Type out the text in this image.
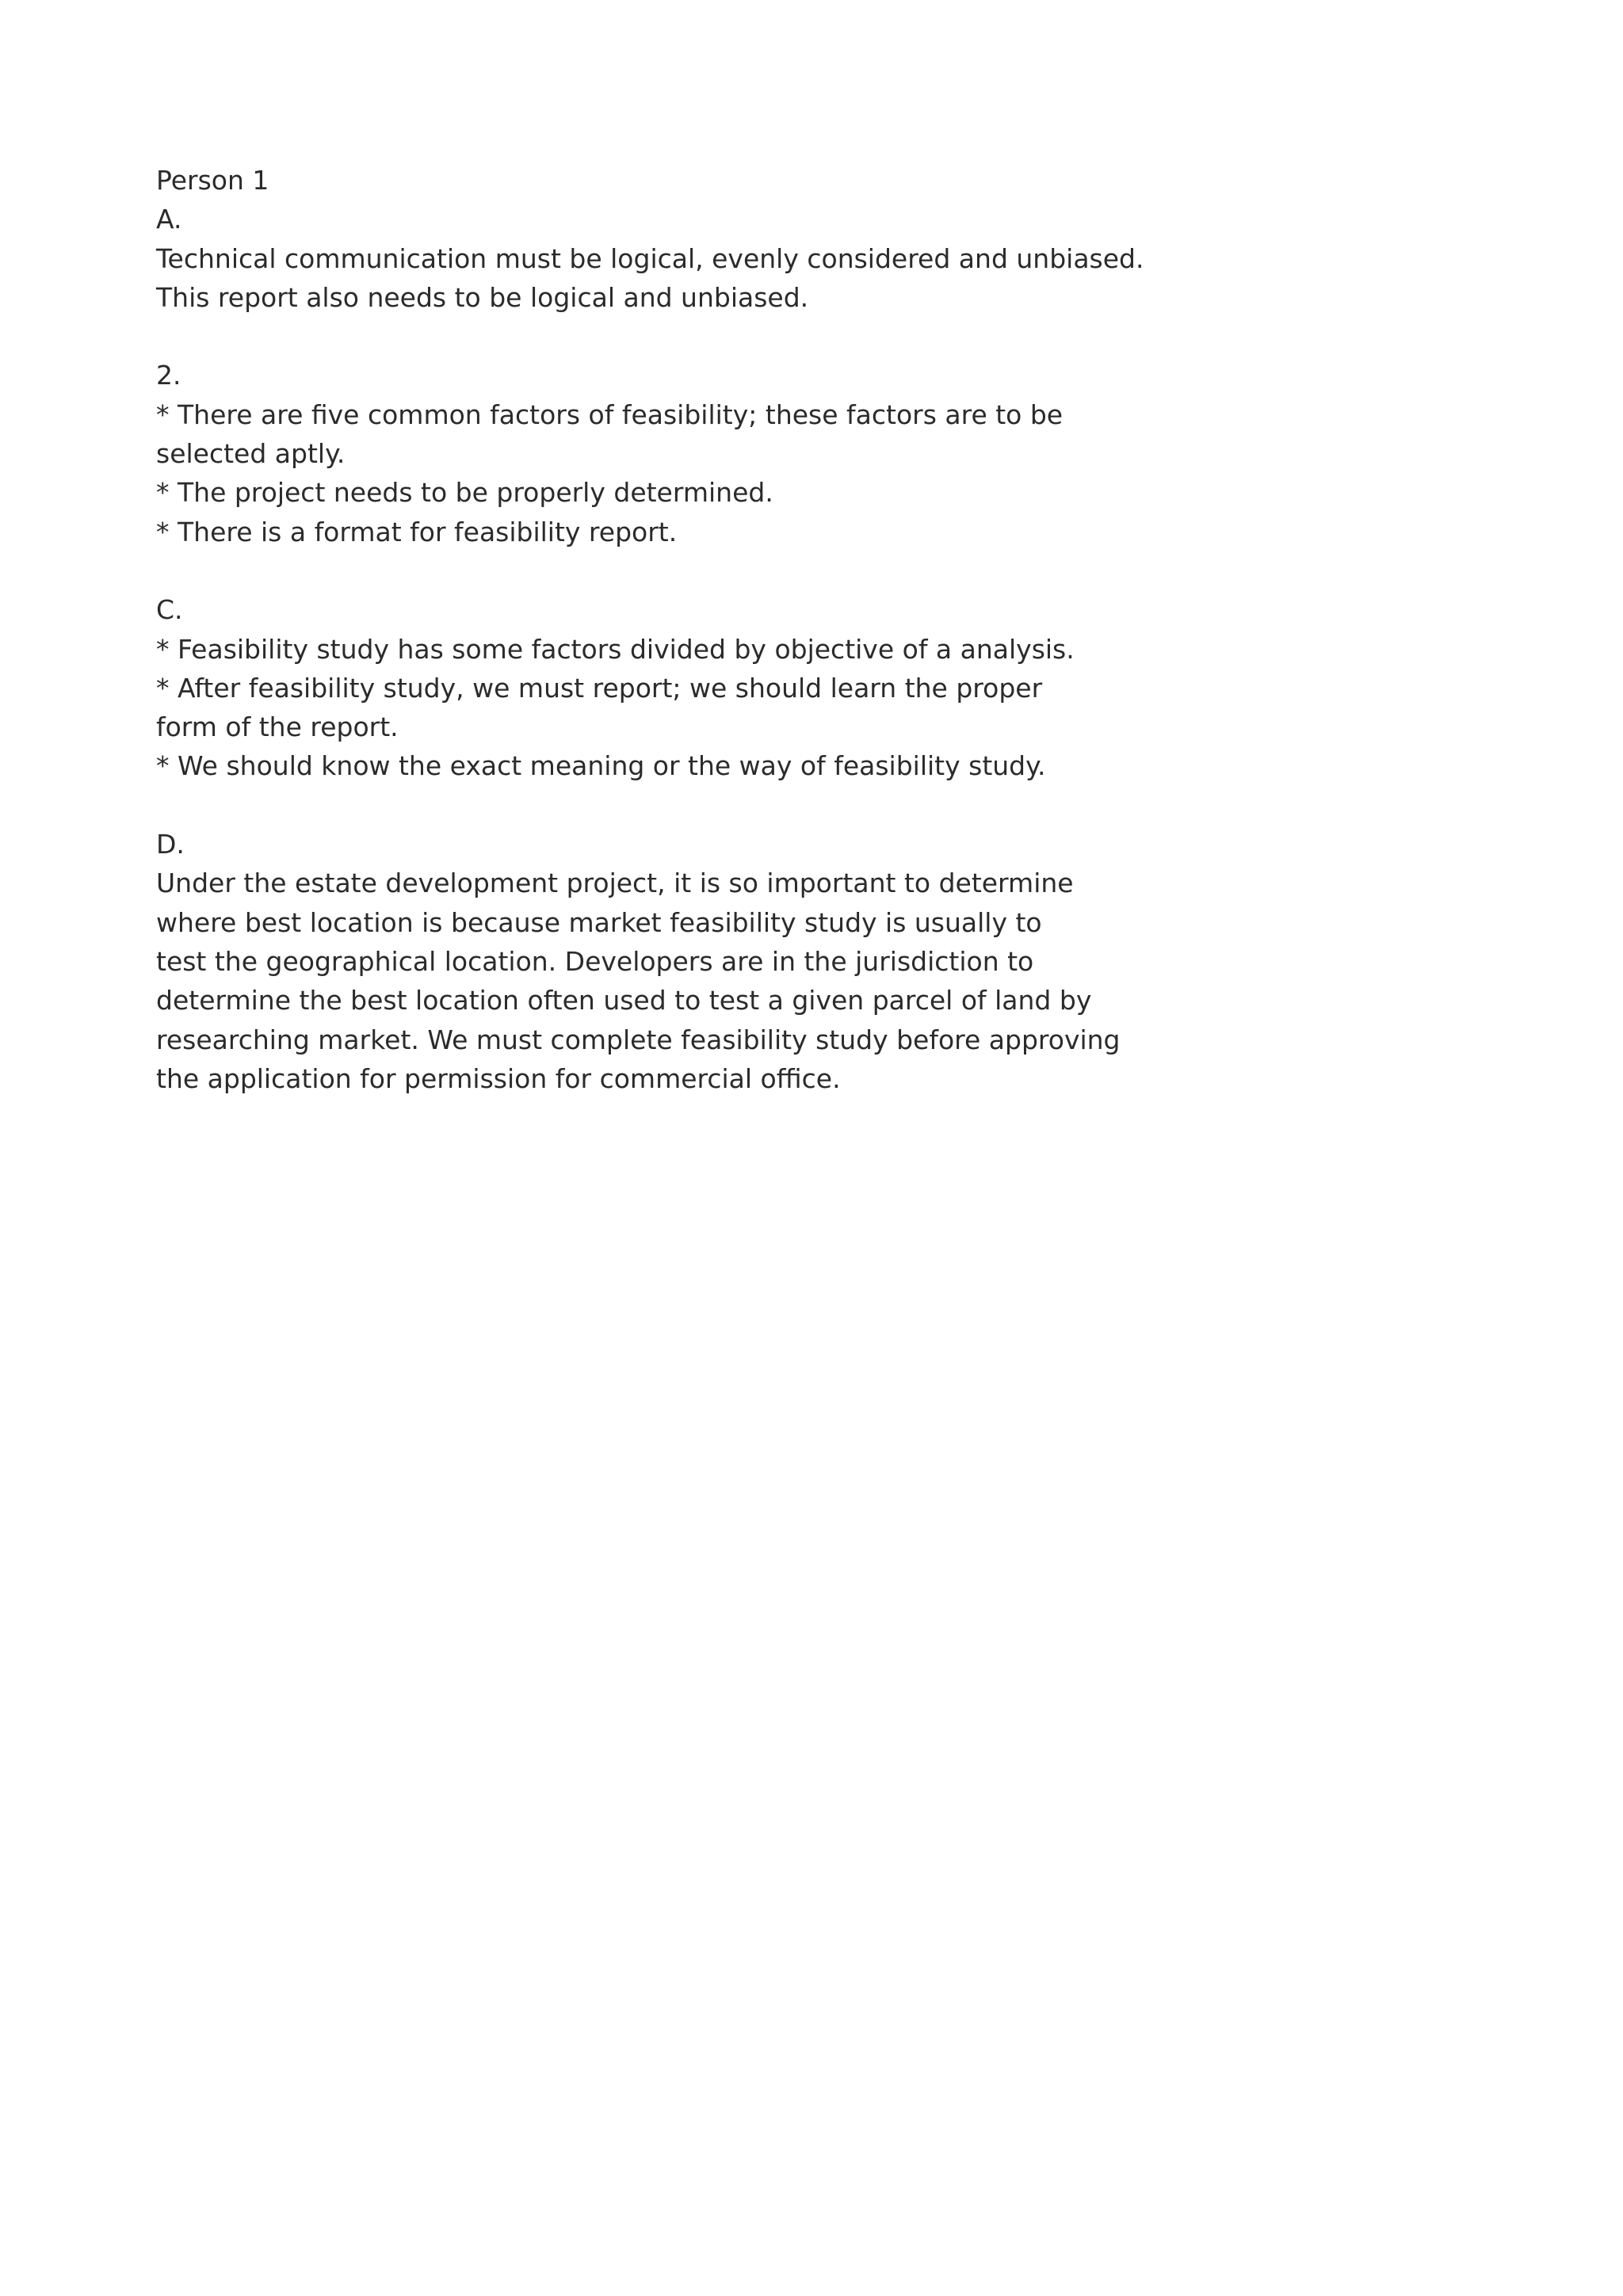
Person 1
A.
Technical communication must be logical, evenly considered and unbiased.
This report also needs to be logical and unbiased.
2.
* There are five common factors of feasibility; these factors are to be
selected aptly.
* The project needs to be properly determined.
* There is a format for feasibility report.
C.
* Feasibility study has some factors divided by objective of a analysis.
* After feasibility study, we must report; we should learn the proper
form of the report.
* We should know the exact meaning or the way of feasibility study.
D.
Under the estate development project, it is so important to determine
where best location is because market feasibility study is usually to
test the geographical location. Developers are in the jurisdiction to
determine the best location often used to test a given parcel of land by
researching market. We must complete feasibility study before approving
the application for permission for commercial office.
